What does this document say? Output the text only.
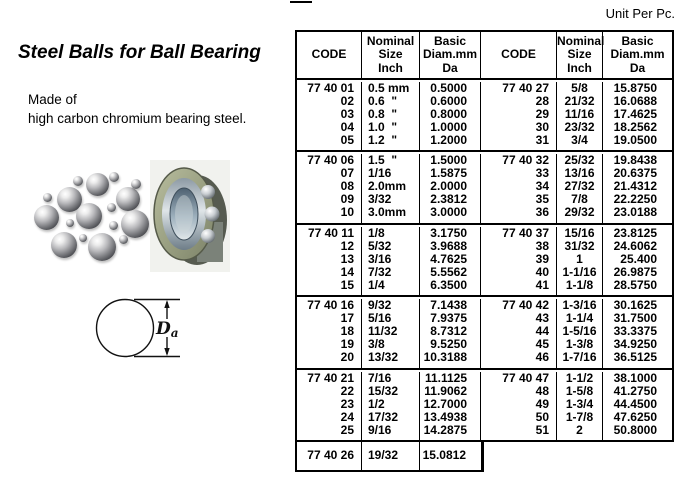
Steel Balls for Ball Bearing
Made of
high carbon chromium bearing steel.
Da
Unit Per Pc.
CODE
Nominal
Size
Inch
Basic
Diam.mm
Da
CODE
Nominal
Size
Inch
Basic
Diam.mm
Da
77 40 01
02
03
04
05
0.5 mm
0.6  "
0.8  "
1.0  "
1.2  "
0.5000
0.6000
0.8000
1.0000
1.2000
77 40 27
28
29
30
31
5/8
21/32
11/16
23/32
3/4
15.8750
16.0688
17.4625
18.2562
19.0500
77 40 06
07
08
09
10
1.5  "
1/16
2.0mm
3/32
3.0mm
1.5000
1.5875
2.0000
2.3812
3.0000
77 40 32
33
34
35
36
25/32
13/16
27/32
7/8
29/32
19.8438
20.6375
21.4312
22.2250
23.0188
77 40 11
12
13
14
15
1/8
5/32
3/16
7/32
1/4
3.1750
3.9688
4.7625
5.5562
6.3500
77 40 37
38
39
40
41
15/16
31/32
1
1-1/16
1-1/8
23.8125
24.6062
25.400
26.9875
28.5750
77 40 16
17
18
19
20
9/32
5/16
11/32
3/8
13/32
7.1438
7.9375
8.7312
9.5250
10.3188
77 40 42
43
44
45
46
1-3/16
1-1/4
1-5/16
1-3/8
1-7/16
30.1625
31.7500
33.3375
34.9250
36.5125
77 40 21
22
23
24
25
7/16
15/32
1/2
17/32
9/16
11.1125
11.9062
12.7000
13.4938
14.2875
77 40 47
48
49
50
51
1-1/2
1-5/8
1-3/4
1-7/8
2
38.1000
41.2750
44.4500
47.6250
50.8000
77 40 26 19/32	15.0812
